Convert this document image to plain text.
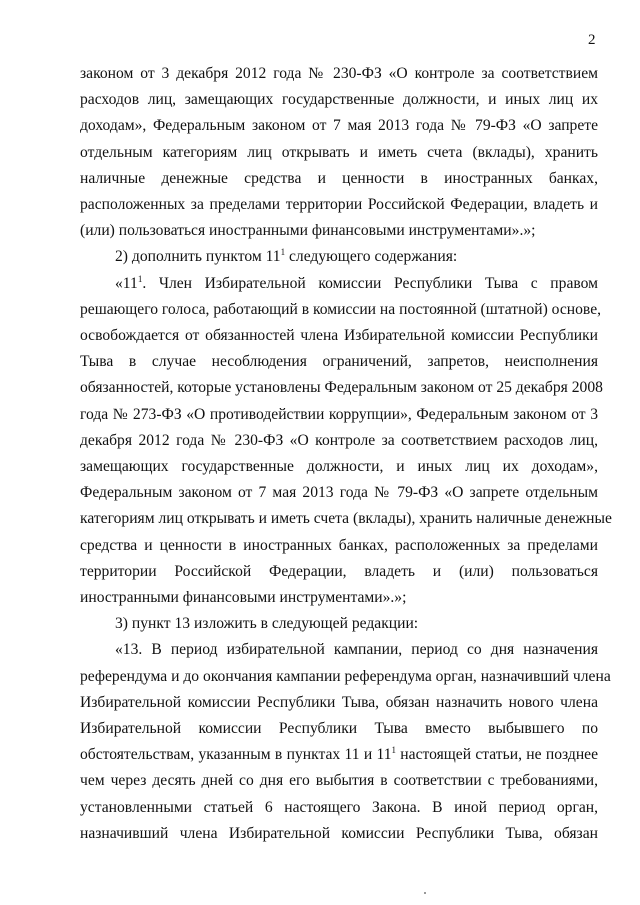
2
законом от 3 декабря 2012 года № 230-ФЗ «О контроле за соответствием
расходов лиц, замещающих государственные должности, и иных лиц их
доходам», Федеральным законом от 7 мая 2013 года № 79-ФЗ «О запрете
отдельным категориям лиц открывать и иметь счета (вклады), хранить
наличные денежные средства и ценности в иностранных банках,
расположенных за пределами территории Российской Федерации, владеть и
(или) пользоваться иностранными финансовыми инструментами».»;
2) дополнить пунктом $11^1$ следующего содержания:
«$11^1$. Член Избирательной комиссии Республики Тыва с правом
решающего голоса, работающий в комиссии на постоянной (штатной) основе,
освобождается от обязанностей члена Избирательной комиссии Республики
Тыва в случае несоблюдения ограничений, запретов, неисполнения
обязанностей, которые установлены Федеральным законом от 25 декабря 2008
года № 273-ФЗ «О противодействии коррупции», Федеральным законом от 3
декабря 2012 года № 230-ФЗ «О контроле за соответствием расходов лиц,
замещающих государственные должности, и иных лиц их доходам»,
Федеральным законом от 7 мая 2013 года № 79-ФЗ «О запрете отдельным
категориям лиц открывать и иметь счета (вклады), хранить наличные денежные
средства и ценности в иностранных банках, расположенных за пределами
территории Российской Федерации, владеть и (или) пользоваться
иностранными финансовыми инструментами».»;
3) пункт 13 изложить в следующей редакции:
«13. В период избирательной кампании, период со дня назначения
референдума и до окончания кампании референдума орган, назначивший члена
Избирательной комиссии Республики Тыва, обязан назначить нового члена
Избирательной комиссии Республики Тыва вместо выбывшего по
обстоятельствам, указанным в пунктах 11 и $11^1$ настоящей статьи, не позднее
чем через десять дней со дня его выбытия в соответствии с требованиями,
установленными статьей 6 настоящего Закона. В иной период орган,
назначивший члена Избирательной комиссии Республики Тыва, обязан
